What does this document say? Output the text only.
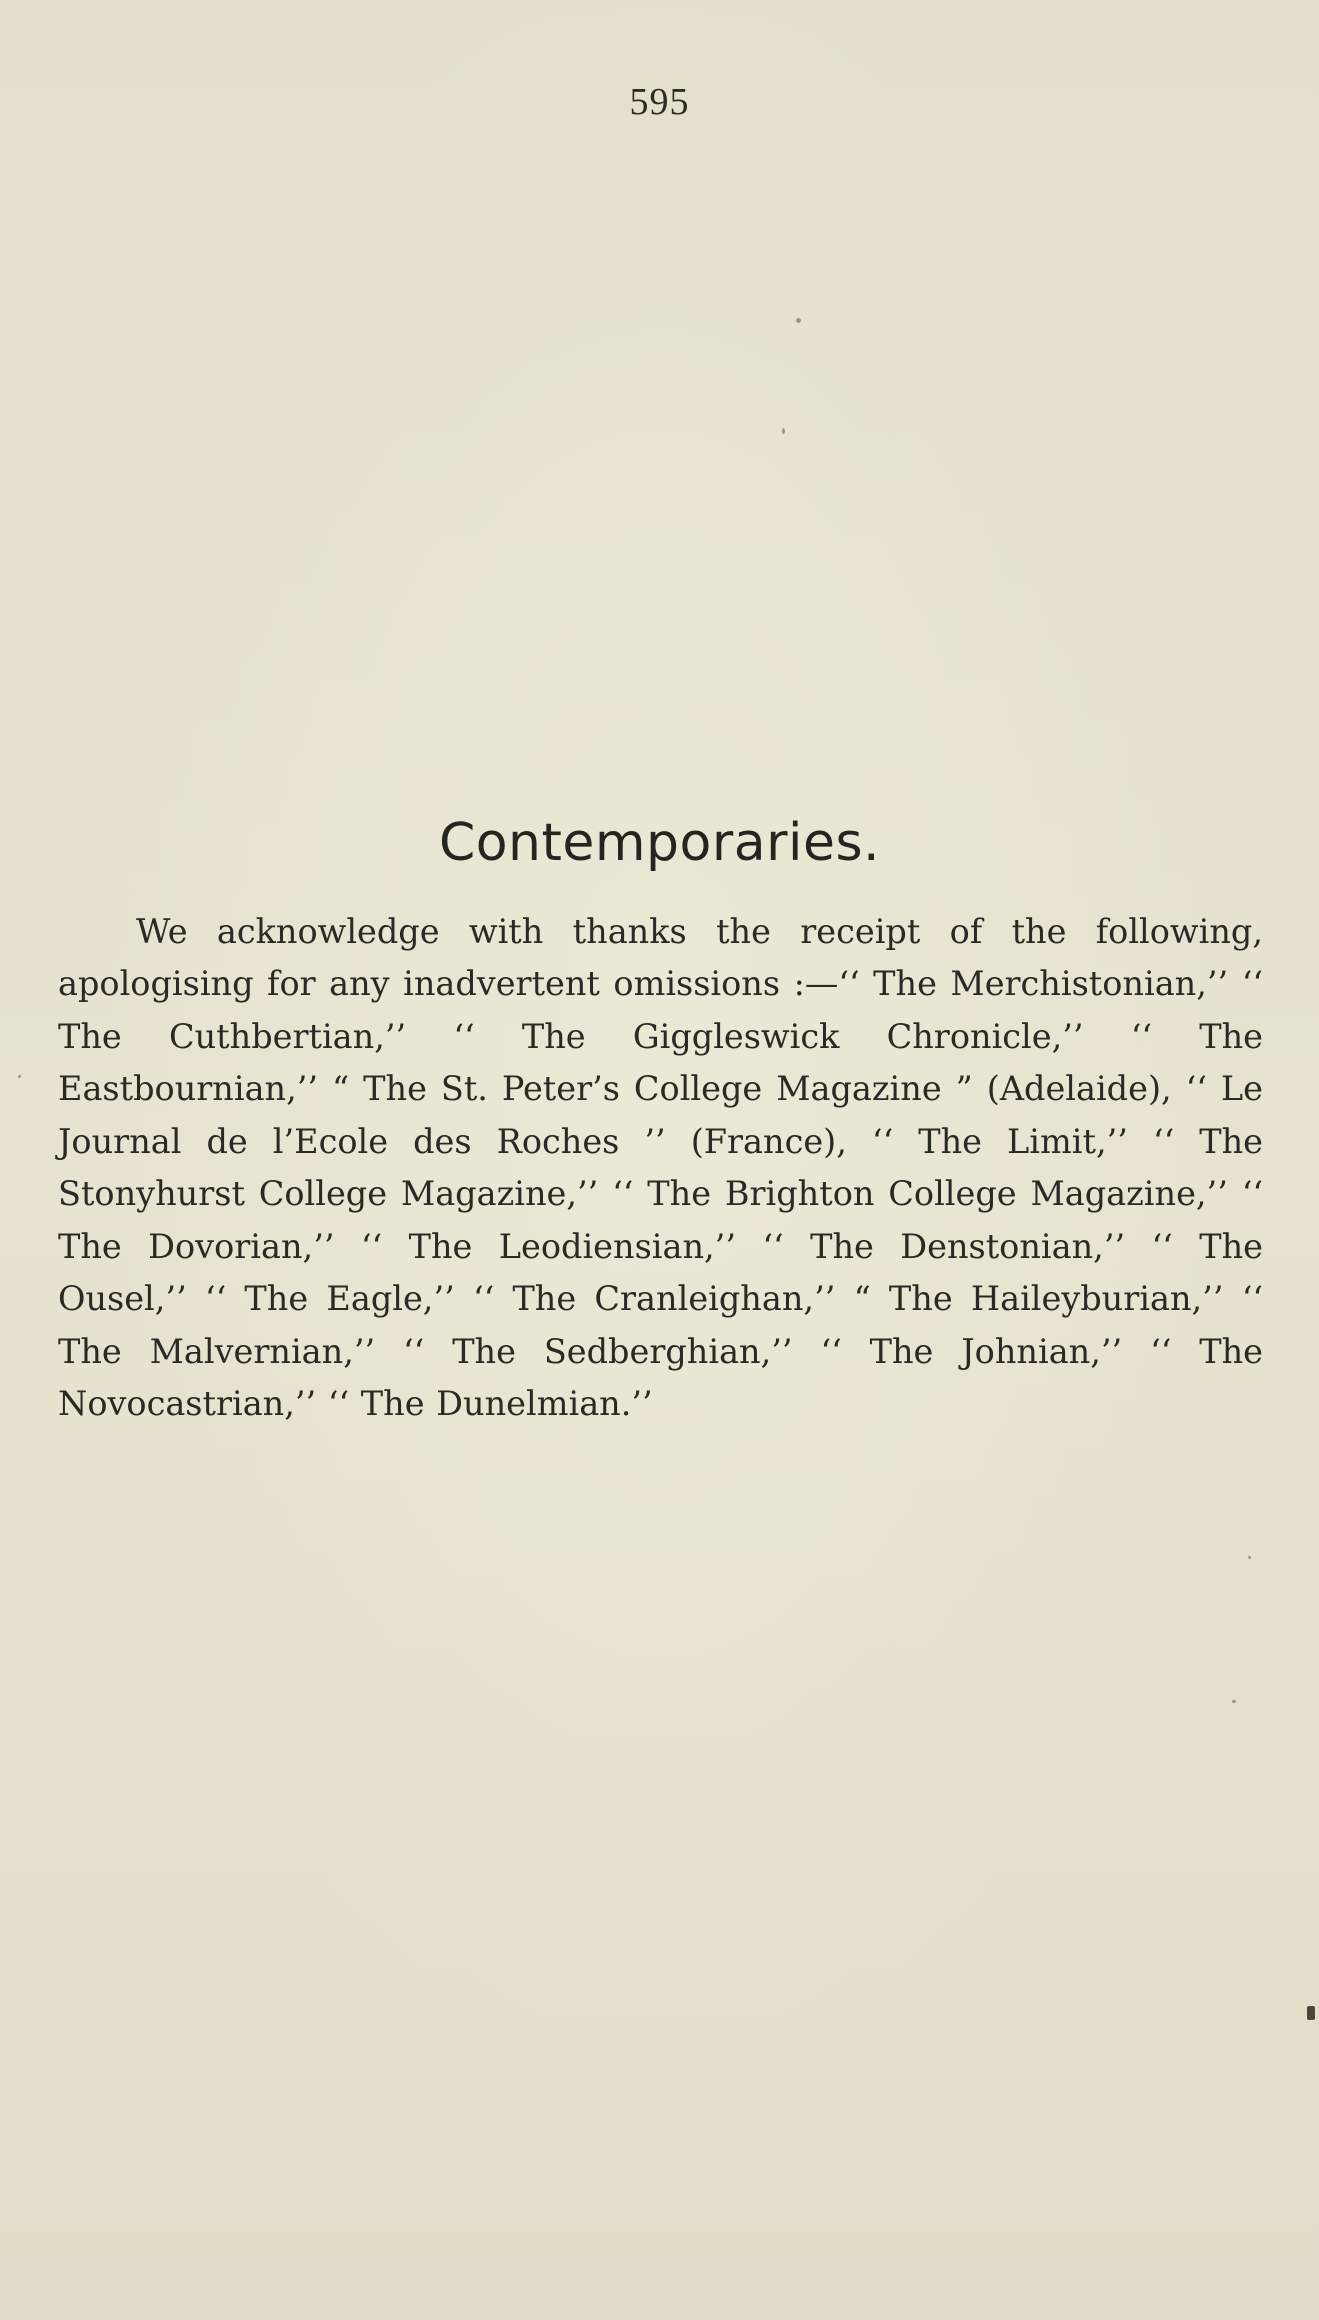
595
Contemporaries.

We acknowledge with thanks the receipt of the following, apologising for any inadvertent omissions :—‘‘ The Merchistonian,’’ ‘‘ The Cuthbertian,’’ ‘‘ The Giggleswick Chronicle,’’ ‘‘ The Eastbournian,’’ “ The St. Peter’s College Magazine ” (Adelaide), ‘‘ Le Journal de l’Ecole des Roches ’’ (France), ‘‘ The Limit,’’ ‘‘ The Stonyhurst College Magazine,’’ ‘‘ The Brighton College Magazine,’’ ‘‘ The Dovorian,’’ ‘‘ The Leodiensian,’’ ‘‘ The Denstonian,’’ ‘‘ The Ousel,’’ ‘‘ The Eagle,’’ ‘‘ The Cranleighan,’’ “ The Haileyburian,’’ ‘‘ The Malvernian,’’ ‘‘ The Sedberghian,’’ ‘‘ The Johnian,’’ ‘‘ The Novocastrian,’’ ‘‘ The Dunelmian.’’
